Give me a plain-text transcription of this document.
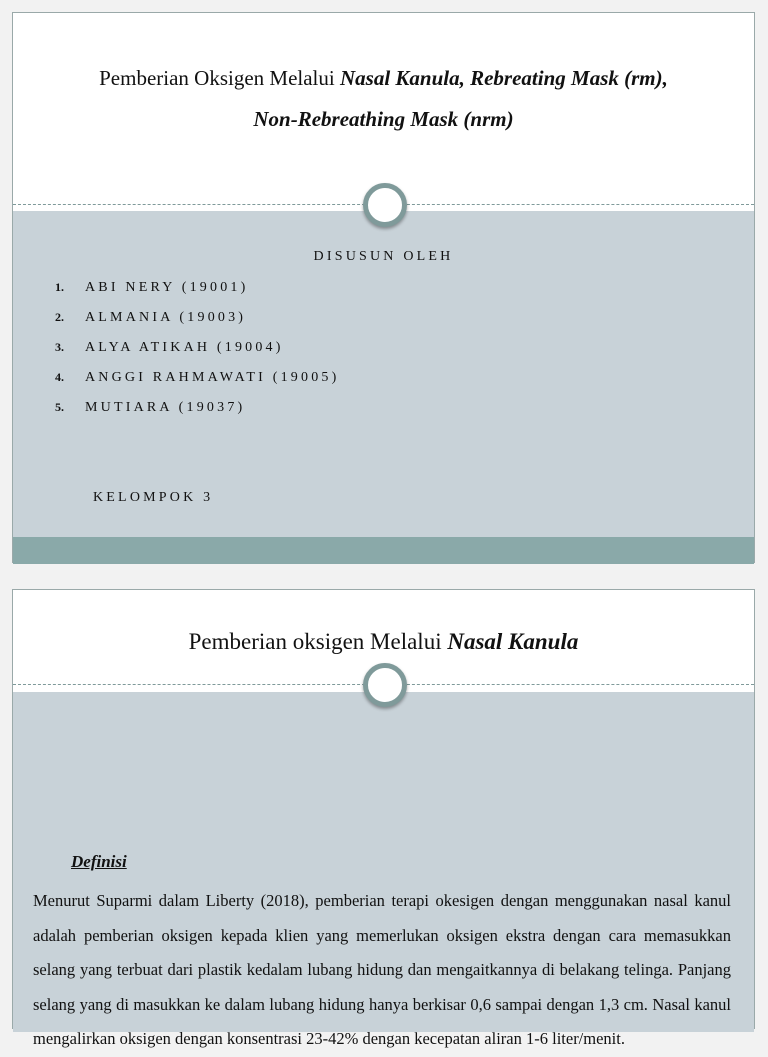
Pemberian Oksigen Melalui Nasal Kanula, Rebreating Mask (rm),
Non-Rebreathing Mask (nrm)
DISUSUN OLEH
1.	ABI NERY (19001)
2.	ALMANIA (19003)
3.	ALYA ATIKAH (19004)
4.	ANGGI RAHMAWATI (19005)
5.	MUTIARA (19037)
KELOMPOK 3
Pemberian oksigen Melalui Nasal Kanula
Definisi
Menurut Suparmi dalam Liberty (2018), pemberian terapi okesigen dengan menggunakan nasal kanul adalah pemberian oksigen kepada klien yang memerlukan oksigen ekstra dengan cara memasukkan selang yang terbuat dari plastik kedalam lubang hidung dan mengaitkannya di belakang telinga. Panjang selang yang di masukkan ke dalam lubang hidung hanya berkisar 0,6 sampai dengan 1,3 cm. Nasal kanul mengalirkan oksigen dengan konsentrasi 23-42% dengan kecepatan aliran 1-6 liter/menit.
